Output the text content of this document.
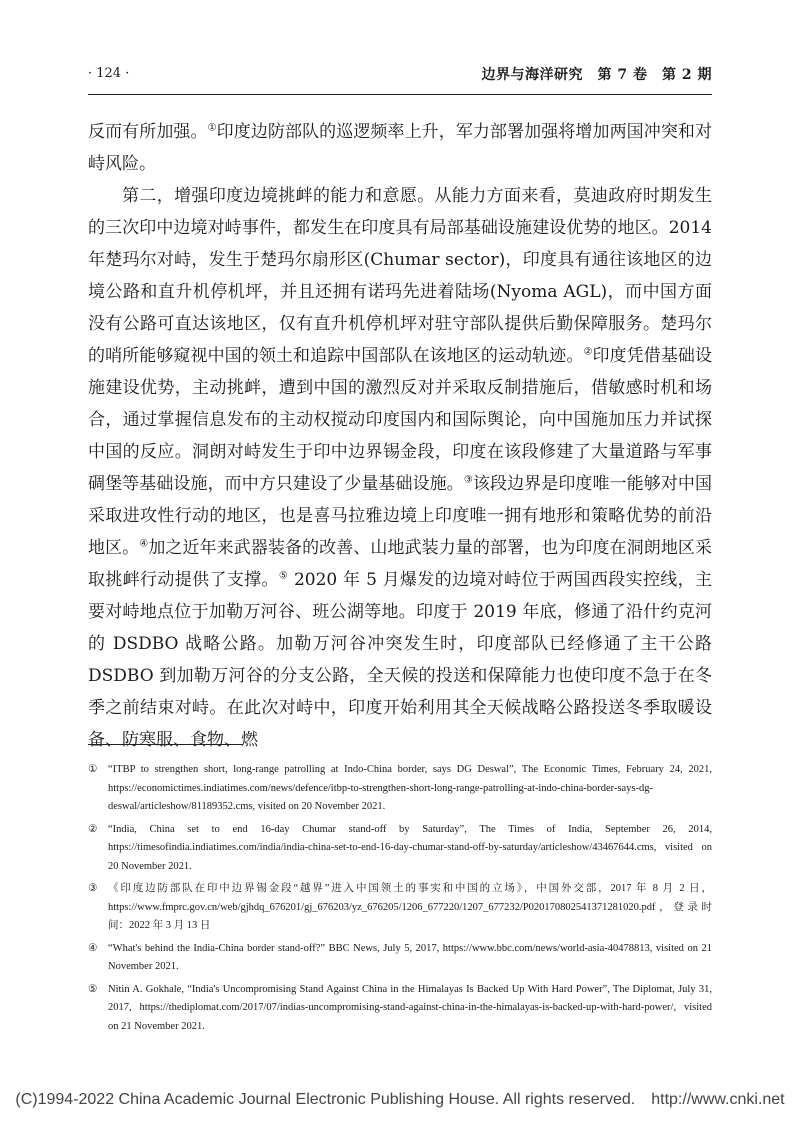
· 124 ·	边界与海洋研究　第 7 卷　第 2 期

反而有所加强。①印度边防部队的巡逻频率上升，军力部署加强将增加两国冲突和对峙风险。

第二，增强印度边境挑衅的能力和意愿。从能力方面来看，莫迪政府时期发生的三次印中边境对峙事件，都发生在印度具有局部基础设施建设优势的地区。2014 年楚玛尔对峙，发生于楚玛尔扇形区(Chumar sector)，印度具有通往该地区的边境公路和直升机停机坪，并且还拥有诺玛先进着陆场(Nyoma AGL)，而中国方面没有公路可直达该地区，仅有直升机停机坪对驻守部队提供后勤保障服务。楚玛尔的哨所能够窥视中国的领土和追踪中国部队在该地区的运动轨迹。②印度凭借基础设施建设优势，主动挑衅，遭到中国的激烈反对并采取反制措施后，借敏感时机和场合，通过掌握信息发布的主动权搅动印度国内和国际舆论，向中国施加压力并试探中国的反应。洞朗对峙发生于印中边界锡金段，印度在该段修建了大量道路与军事碉堡等基础设施，而中方只建设了少量基础设施。③该段边界是印度唯一能够对中国采取进攻性行动的地区，也是喜马拉雅边境上印度唯一拥有地形和策略优势的前沿地区。④加之近年来武器装备的改善、山地武装力量的部署，也为印度在洞朗地区采取挑衅行动提供了支撑。⑤ 2020 年 5 月爆发的边境对峙位于两国西段实控线，主要对峙地点位于加勒万河谷、班公湖等地。印度于 2019 年底，修通了沿什约克河的 DSDBO 战略公路。加勒万河谷冲突发生时，印度部队已经修通了主干公路 DSDBO 到加勒万河谷的分支公路，全天候的投送和保障能力也使印度不急于在冬季之前结束对峙。在此次对峙中，印度开始利用其全天候战略公路投送冬季取暖设备、防寒服、食物、燃

①	“ITBP to strengthen short, long-range patrolling at Indo-China border, says DG Deswal”, The Economic Times, February 24, 2021, https://economictimes.indiatimes.com/news/defence/itbp-to-strengthen-short-long-range-patrolling-at-indo-china-border-says-dg-deswal/articleshow/81189352.cms, visited on 20 November 2021.
②	“India, China set to end 16-day Chumar stand-off by Saturday”, The Times of India, September 26, 2014, https://timesofindia.indiatimes.com/india/india-china-set-to-end-16-day-chumar-stand-off-by-saturday/articleshow/43467644.cms, visited on 20 November 2021.
③	《印度边防部队在印中边界锡金段“越界”进入中国领土的事实和中国的立场》，中国外交部，2017 年 8 月 2 日，https://www.fmprc.gov.cn/web/gjhdq_676201/gj_676203/yz_676205/1206_677220/1207_677232/P020170802541371281020.pdf，登录时间：2022 年 3 月 13 日
④	“What's behind the India-China border stand-off?” BBC News, July 5, 2017, https://www.bbc.com/news/world-asia-40478813, visited on 21 November 2021.
⑤	Nitin A. Gokhale, “India's Uncompromising Stand Against China in the Himalayas Is Backed Up With Hard Power”, The Diplomat, July 31, 2017, https://thediplomat.com/2017/07/indias-uncompromising-stand-against-china-in-the-himalayas-is-backed-up-with-hard-power/, visited on 21 November 2021.
(C)1994-2022 China Academic Journal Electronic Publishing House. All rights reserved.　http://www.cnki.net
